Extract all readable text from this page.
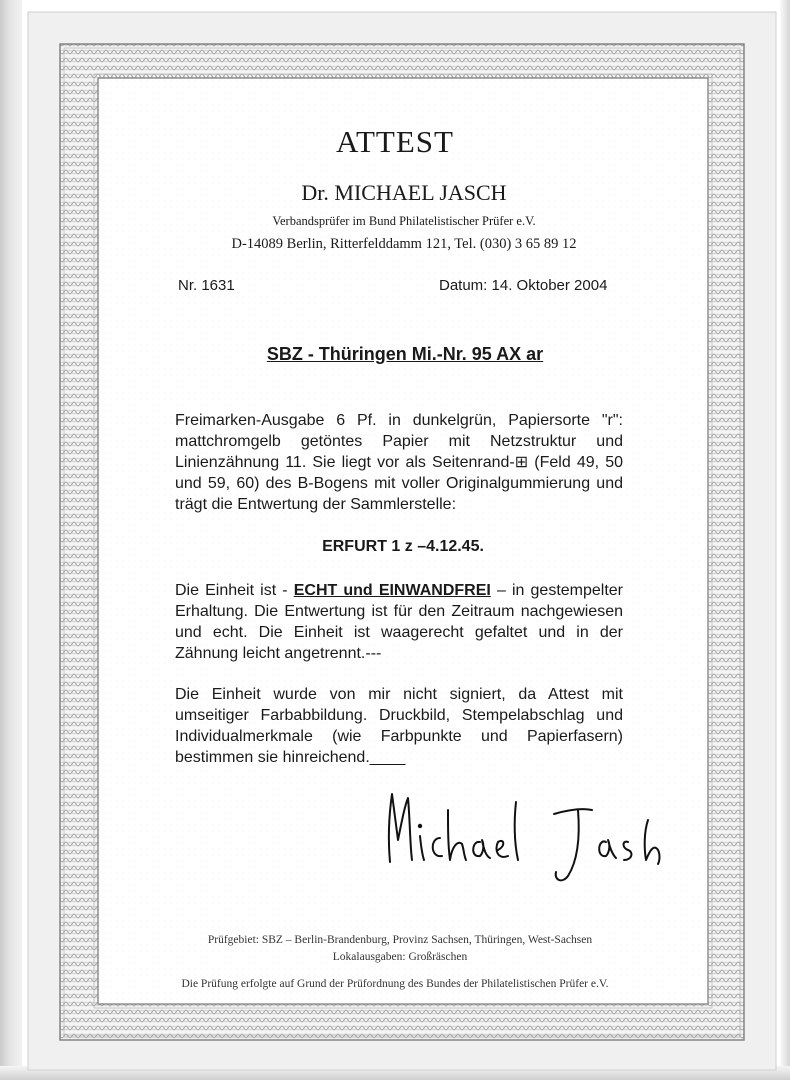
ATTEST
Dr. MICHAEL JASCH
Verbandsprüfer im Bund Philatelistischer Prüfer e.V.
D-14089 Berlin, Ritterfelddamm 121, Tel. (030) 3 65 89 12
Nr. 1631	Datum: 14. Oktober 2004
SBZ - Thüringen Mi.-Nr. 95 AX ar
Freimarken-Ausgabe 6 Pf. in dunkelgrün, Papiersorte "r": mattchromgelb getöntes Papier mit Netzstruktur und Linienzähnung 11. Sie liegt vor als Seitenrand-⊞ (Feld 49, 50 und 59, 60) des B-Bogens mit voller Originalgummierung und trägt die Entwertung der Sammlerstelle:
ERFURT 1 z –4.12.45.
Die Einheit ist - ECHT und EINWANDFREI – in gestempelter Erhaltung. Die Entwertung ist für den Zeitraum nachgewiesen und echt. Die Einheit ist waagerecht gefaltet und in der Zähnung leicht angetrennt.---
Die Einheit wurde von mir nicht signiert, da Attest mit umseitiger Farbabbildung. Druckbild, Stempelabschlag und Individualmerkmale (wie Farbpunkte und Papierfasern) bestimmen sie hinreichend.____
Prüfgebiet: SBZ – Berlin-Brandenburg, Provinz Sachsen, Thüringen, West-Sachsen
Lokalausgaben: Großräschen
Die Prüfung erfolgte auf Grund der Prüfordnung des Bundes der Philatelistischen Prüfer e.V.
